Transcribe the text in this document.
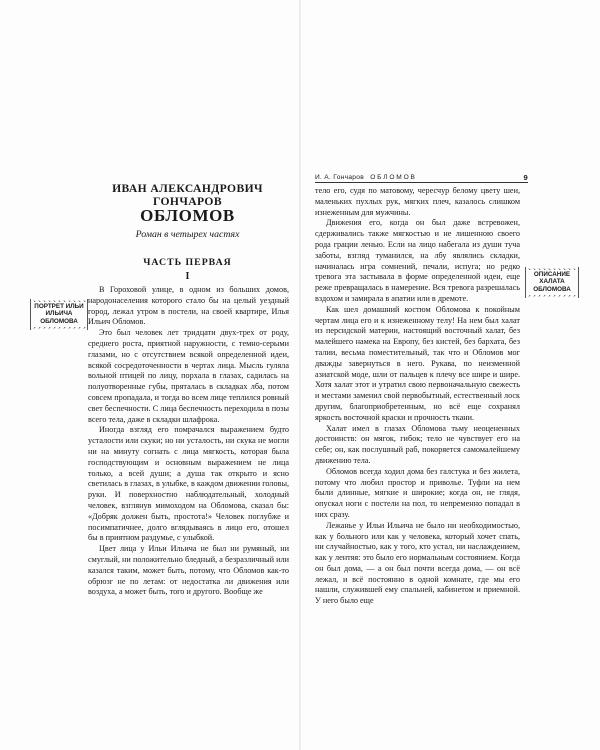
ИВАН АЛЕКСАНДРОВИЧ ГОНЧАРОВ
ОБЛОМОВ
Роман в четырех частях
ЧАСТЬ ПЕРВАЯ
I
ПОРТРЕТ ИЛЬИ ИЛЬИЧА ОБЛОМОВА

В Гороховой улице, в одном из больших домов, народонаселения которого стало бы на целый уездный город, лежал утром в постели, на своей квартире, Илья Ильич Обломов.

Это был человек лет тридцати двух-трех от роду, среднего роста, приятной наружности, с темно-серыми глазами, но с отсутствием всякой определенной идеи, всякой сосредоточенности в чертах лица. Мысль гуляла вольной птицей по лицу, порхала в глазах, садилась на полуотворенные губы, пряталась в складках лба, потом совсем пропадала, и тогда во всем лице теплился ровный свет беспечности. С лица беспечность переходила в позы всего тела, даже в складки шлафрока.

Иногда взгляд его помрачался выражением будто усталости или скуки; но ни усталость, ни скука не могли ни на минуту согнать с лица мягкость, которая была господствующим и основным выражением не лица только, а всей души; а душа так открыто и ясно светилась в глазах, в улыбке, в каждом движении головы, руки. И поверхностно наблюдательный, холодный человек, взглянув мимоходом на Обломова, сказал бы: «Добряк должен быть, простота!» Человек поглубже и посимпатичнее, долго вглядываясь в лицо его, отошел бы в приятном раздумье, с улыбкой.

Цвет лица у Ильи Ильича не был ни румяный, ни смуглый, ни положительно бледный, а безразличный или казался таким, может быть, потому, что Обломов как-то обрюзг не по летам: от недостатка ли движения или воздуха, а может быть, того и другого. Вообще же

И. А. Гончаров ОБЛОМОВ	9
ОПИСАНИЕ ХАЛАТА ОБЛОМОВА

тело его, судя по матовому, чересчур белому цвету шеи, маленьких пухлых рук, мягких плеч, казалось слишком изнеженным для мужчины.

Движения его, когда он был даже встревожен, сдерживались также мягкостью и не лишенною своего рода грации ленью. Если на лицо набегала из души туча заботы, взгляд туманился, на лбу являлись складки, начиналась игра сомнений, печали, испуга; но редко тревога эта застывала в форме определенной идеи, еще реже превращалась в намерение. Вся тревога разрешалась вздохом и замирала в апатии или в дремоте.

Как шел домашний костюм Обломова к покойным чертам лица его и к изнеженному телу! На нем был халат из персидской материи, настоящий восточный халат, без малейшего намека на Европу, без кистей, без бархата, без талии, весьма поместительный, так что и Обломов мог дважды завернуться в него. Рукава, по неизменной азиатской моде, шли от пальцев к плечу все шире и шире. Хотя халат этот и утратил свою первоначальную свежесть и местами заменил свой первобытный, естественный лоск другим, благоприобретенным, но всё еще сохранял яркость восточной краски и прочность ткани.

Халат имел в глазах Обломова тьму неоцененных достоинств: он мягок, гибок; тело не чувствует его на себе; он, как послушный раб, покоряется самомалейшему движению тела.

Обломов всегда ходил дома без галстука и без жилета, потому что любил простор и приволье. Туфли на нем были длинные, мягкие и широкие; когда он, не глядя, опускал ноги с постели на пол, то непременно попадал в них сразу.

Лежанье у Ильи Ильича не было ни необходимостью, как у больного или как у человека, который хочет спать, ни случайностью, как у того, кто устал, ни наслаждением, как у лентяя: это было его нормальным состоянием. Когда он был дома, — а он был почти всегда дома, — он всё лежал, и всё постоянно в одной комнате, где мы его нашли, служившей ему спальней, кабинетом и приемной. У него было еще
